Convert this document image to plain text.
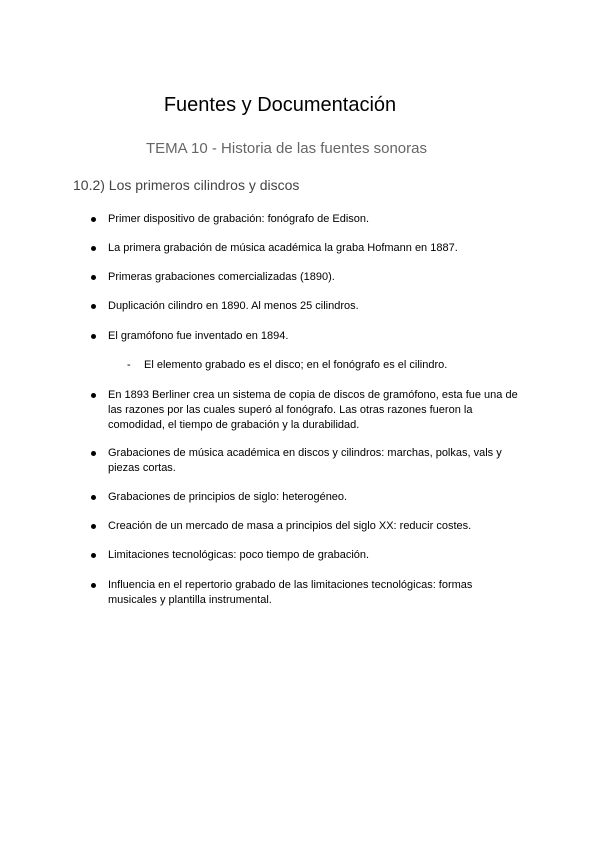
Fuentes y Documentación
TEMA 10 - Historia de las fuentes sonoras
10.2) Los primeros cilindros y discos
Primer dispositivo de grabación: fonógrafo de Edison.
La primera grabación de música académica la graba Hofmann en 1887.
Primeras grabaciones comercializadas (1890).
Duplicación cilindro en 1890. Al menos 25 cilindros.
El gramófono fue inventado en 1894.
- El elemento grabado es el disco; en el fonógrafo es el cilindro.
En 1893 Berliner crea un sistema de copia de discos de gramófono, esta fue una de las razones por las cuales superó al fonógrafo. Las otras razones fueron la comodidad, el tiempo de grabación y la durabilidad.
Grabaciones de música académica en discos y cilindros: marchas, polkas, vals y piezas cortas.
Grabaciones de principios de siglo: heterogéneo.
Creación de un mercado de masa a principios del siglo XX: reducir costes.
Limitaciones tecnológicas: poco tiempo de grabación.
Influencia en el repertorio grabado de las limitaciones tecnológicas: formas musicales y plantilla instrumental.
